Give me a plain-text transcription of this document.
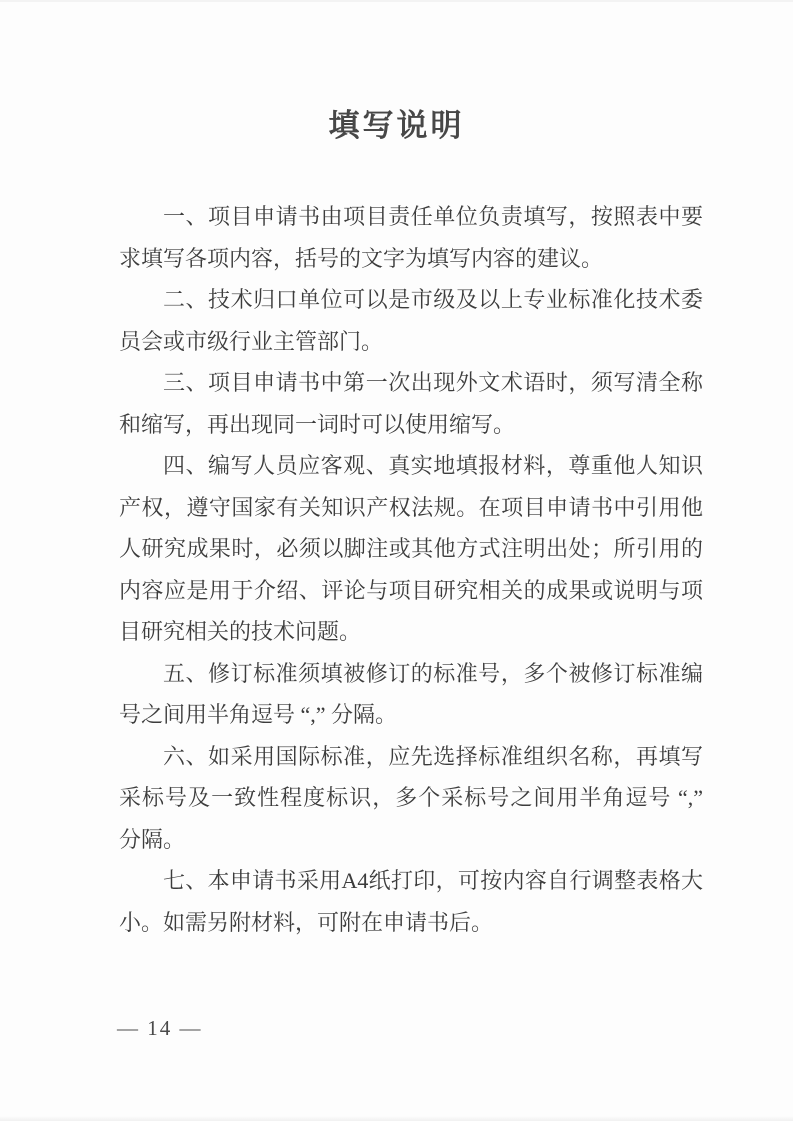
填写说明

一、项目申请书由项目责任单位负责填写，按照表中要求填写各项内容，括号的文字为填写内容的建议。

二、技术归口单位可以是市级及以上专业标准化技术委员会或市级行业主管部门。

三、项目申请书中第一次出现外文术语时，须写清全称和缩写，再出现同一词时可以使用缩写。

四、编写人员应客观、真实地填报材料，尊重他人知识产权，遵守国家有关知识产权法规。在项目申请书中引用他人研究成果时，必须以脚注或其他方式注明出处；所引用的内容应是用于介绍、评论与项目研究相关的成果或说明与项目研究相关的技术问题。

五、修订标准须填被修订的标准号，多个被修订标准编号之间用半角逗号 “,” 分隔。

六、如采用国际标准，应先选择标准组织名称，再填写采标号及一致性程度标识，多个采标号之间用半角逗号 “,” 分隔。

七、本申请书采用A4纸打印，可按内容自行调整表格大小。如需另附材料，可附在申请书后。

— 14 —
